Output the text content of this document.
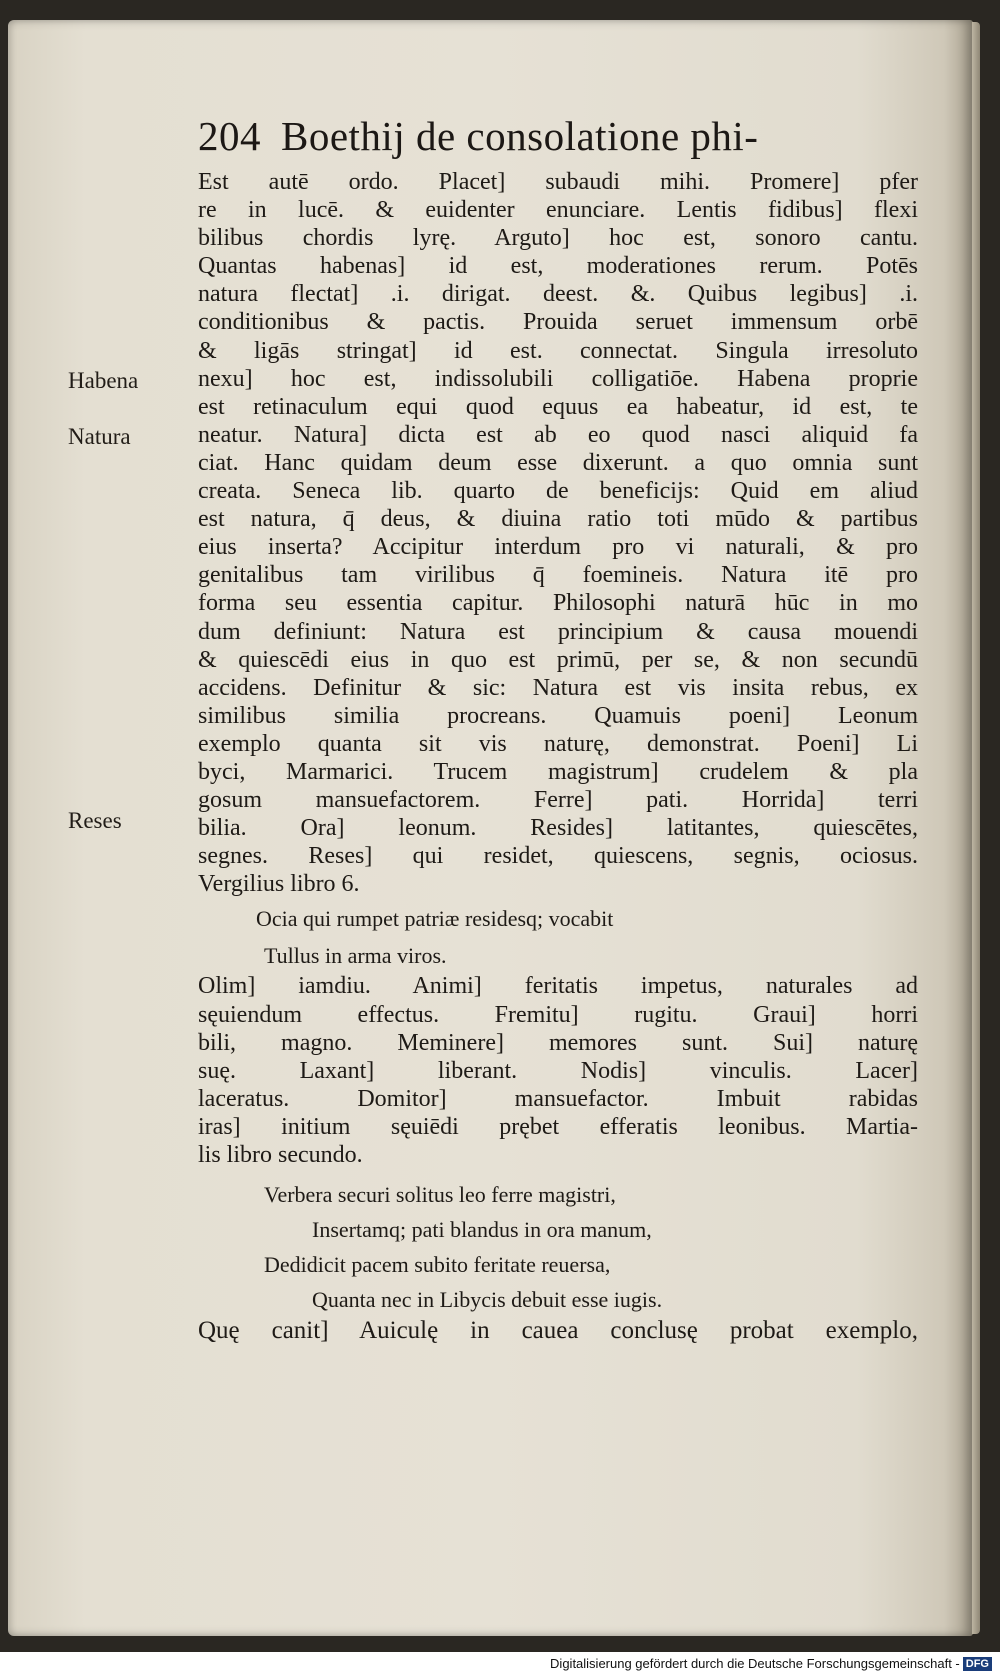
204 Boethij de consolatione phi-
Habena
Natura
Reses
Est autē ordo. Placet] subaudi mihi. Promere] pfer
re in lucē. & euidenter enunciare. Lentis fidibus] flexi
bilibus chordis lyrę. Arguto] hoc est, sonoro cantu.
Quantas habenas] id est, moderationes rerum. Potēs
natura flectat] .i. dirigat. deest. &. Quibus legibus] .i.
conditionibus & pactis. Prouida seruet immensum orbē
& ligās stringat] id est. connectat. Singula irresoluto
nexu] hoc est, indissolubili colligatiōe. Habena proprie
est retinaculum equi quod equus ea habeatur, id est, te
neatur. Natura] dicta est ab eo quod nasci aliquid fa
ciat. Hanc quidam deum esse dixerunt. a quo omnia sunt
creata. Seneca lib. quarto de beneficijs: Quid em aliud
est natura, q̄ deus, & diuina ratio toti mūdo & partibus
eius inserta? Accipitur interdum pro vi naturali, & pro
genitalibus tam virilibus q̄ foemineis. Natura itē pro
forma seu essentia capitur. Philosophi naturā hūc in mo
dum definiunt: Natura est principium & causa mouendi
& quiescēdi eius in quo est primū, per se, & non secundū
accidens. Definitur & sic: Natura est vis insita rebus, ex
similibus similia procreans. Quamuis poeni] Leonum
exemplo quanta sit vis naturę, demonstrat. Poeni] Li
byci, Marmarici. Trucem magistrum] crudelem & pla
gosum mansuefactorem. Ferre] pati. Horrida] terri
bilia. Ora] leonum. Resides] latitantes, quiescētes,
segnes. Reses] qui residet, quiescens, segnis, ociosus.
Vergilius libro 6.
Ocia qui rumpet patriæ residesq; vocabit
Tullus in arma viros.
Olim] iamdiu. Animi] feritatis impetus, naturales ad
sęuiendum effectus. Fremitu] rugitu. Graui] horri
bili, magno. Meminere] memores sunt. Sui] naturę
suę. Laxant] liberant. Nodis] vinculis. Lacer]
laceratus. Domitor] mansuefactor. Imbuit rabidas
iras] initium sęuiēdi prębet efferatis leonibus. Martia-
lis libro secundo.
Verbera securi solitus leo ferre magistri,
Insertamq; pati blandus in ora manum,
Dedidicit pacem subito feritate reuersa,
Quanta nec in Libycis debuit esse iugis.
Quę canit] Auiculę in cauea conclusę probat exemplo,
Digitalisierung gefördert durch die Deutsche Forschungsgemeinschaft - DFG
